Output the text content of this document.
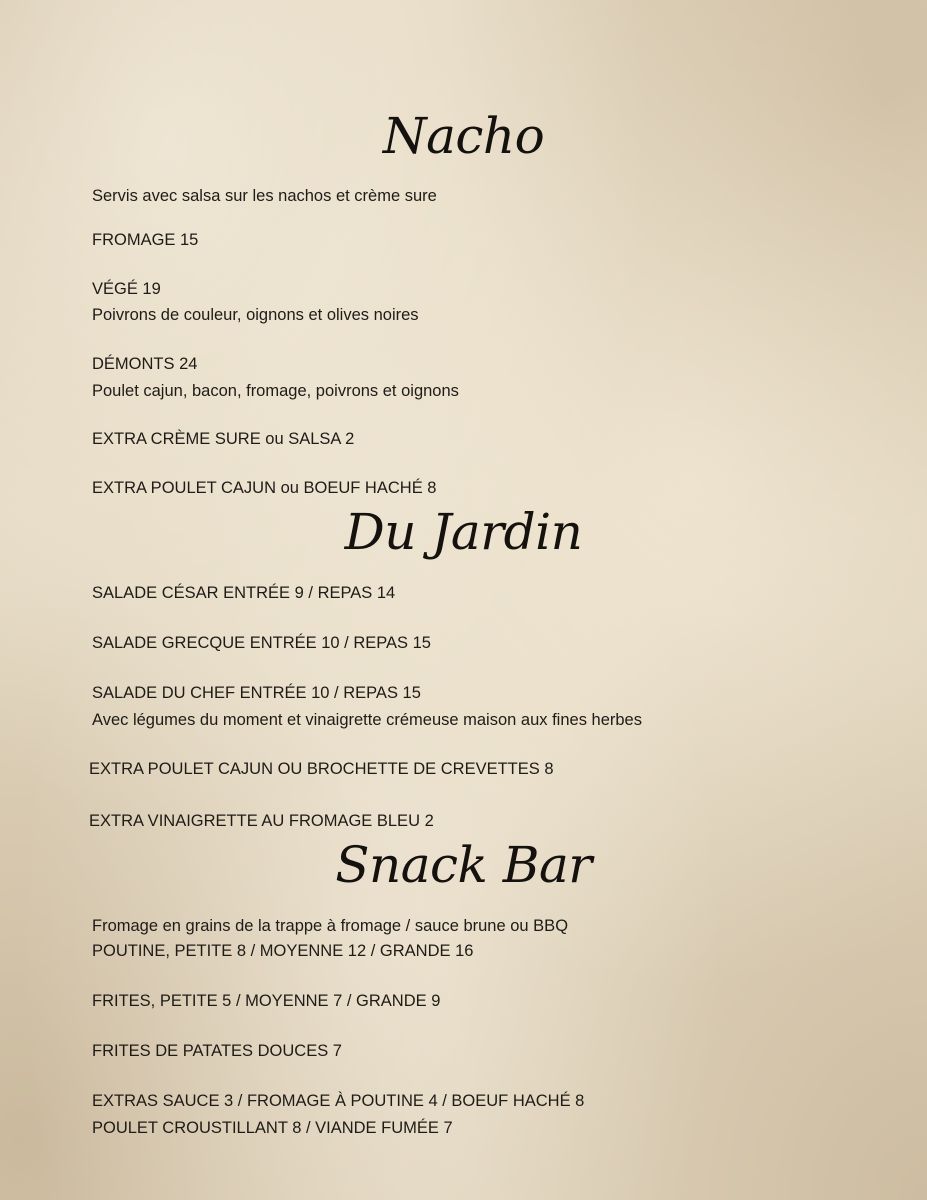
Nacho
Servis avec salsa sur les nachos et crème sure
FROMAGE 15
VÉGÉ 19
Poivrons de couleur, oignons et olives noires
DÉMONTS 24
Poulet cajun, bacon, fromage, poivrons et oignons
EXTRA CRÈME SURE ou SALSA 2
EXTRA POULET CAJUN ou BOEUF HACHÉ 8
Du Jardin
SALADE CÉSAR ENTRÉE 9 / REPAS 14
SALADE GRECQUE ENTRÉE 10 / REPAS 15
SALADE DU CHEF ENTRÉE 10 / REPAS 15
Avec légumes du moment et vinaigrette crémeuse maison aux fines herbes
EXTRA POULET CAJUN OU BROCHETTE DE CREVETTES 8
EXTRA VINAIGRETTE AU FROMAGE BLEU 2
Snack Bar
Fromage en grains de la trappe à fromage / sauce brune ou BBQ
POUTINE, PETITE 8 / MOYENNE 12 / GRANDE 16
FRITES, PETITE 5 / MOYENNE 7 / GRANDE 9
FRITES DE PATATES DOUCES 7
EXTRAS SAUCE 3 / FROMAGE À POUTINE 4 / BOEUF HACHÉ 8
POULET CROUSTILLANT 8 / VIANDE FUMÉE 7
